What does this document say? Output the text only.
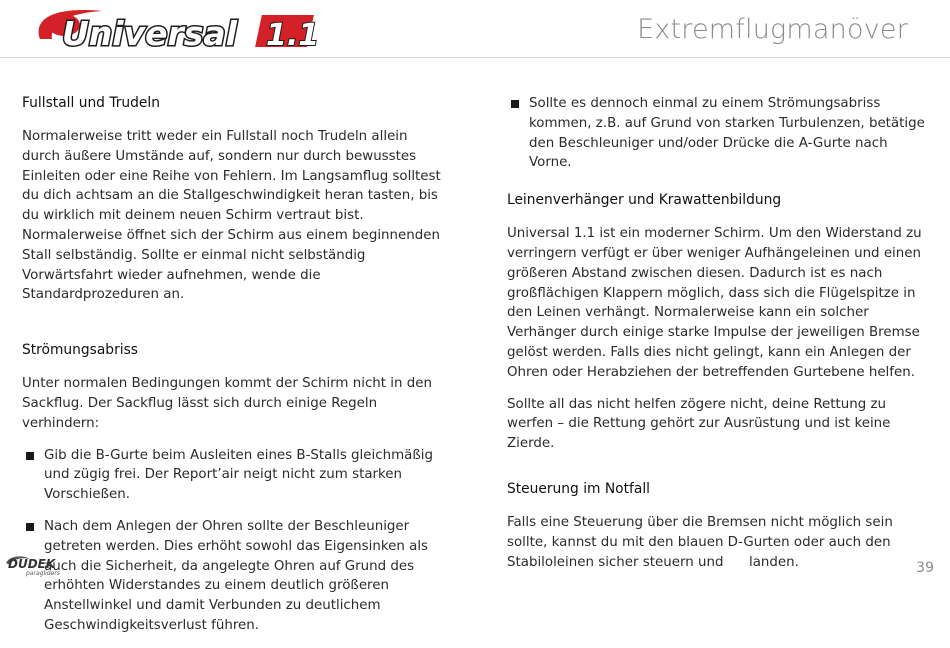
Universal 1.1	Extremflugmanöver
Fullstall und Trudeln

Normalerweise tritt weder ein Fullstall noch Trudeln allein durch äußere Umstände auf, sondern nur durch bewusstes Einleiten oder eine Reihe von Fehlern. Im Langsamflug solltest du dich achtsam an die Stallgeschwindigkeit heran tasten, bis du wirklich mit deinem neuen Schirm vertraut bist. Normalerweise öffnet sich der Schirm aus einem beginnenden Stall selbständig. Sollte er einmal nicht selbständig Vorwärtsfahrt wieder aufnehmen, wende die Standardprozeduren an.

Strömungsabriss

Unter normalen Bedingungen kommt der Schirm nicht in den Sackflug. Der Sackflug lässt sich durch einige Regeln verhindern:

Gib die B-Gurte beim Ausleiten eines B-Stalls gleichmäßig und zügig frei. Der Report’air neigt nicht zum starken Vorschießen.
Nach dem Anlegen der Ohren sollte der Beschleuniger getreten werden. Dies erhöht sowohl das Eigensinken als auch die Sicherheit, da angelegte Ohren auf Grund des erhöhten Widerstandes zu einem deutlich größeren Anstellwinkel und damit Verbunden zu deutlichem Geschwindigkeitsverlust führen.
Sollte es dennoch einmal zu einem Strömungsabriss kommen, z.B. auf Grund von starken Turbulenzen, betätige den Beschleuniger und/oder Drücke die A-Gurte nach Vorne.
Leinenverhänger und Krawattenbildung

Universal 1.1 ist ein moderner Schirm. Um den Widerstand zu verringern verfügt er über weniger Aufhängeleinen und einen größeren Abstand zwischen diesen. Dadurch ist es nach großflächigen Klappern möglich, dass sich die Flügelspitze in den Leinen verhängt. Normalerweise kann ein solcher Verhänger durch einige starke Impulse der jeweiligen Bremse gelöst werden. Falls dies nicht gelingt, kann ein Anlegen der Ohren oder Herabziehen der betreffenden Gurtebene helfen.

Sollte all das nicht helfen zögere nicht, deine Rettung zu werfen – die Rettung gehört zur Ausrüstung und ist keine Zierde.

Steuerung im Notfall

Falls eine Steuerung über die Bremsen nicht möglich sein sollte, kannst du mit den blauen D-Gurten oder auch den Stabiloleinen sicher steuern und      landen.

DUDEK
paragliders	39
